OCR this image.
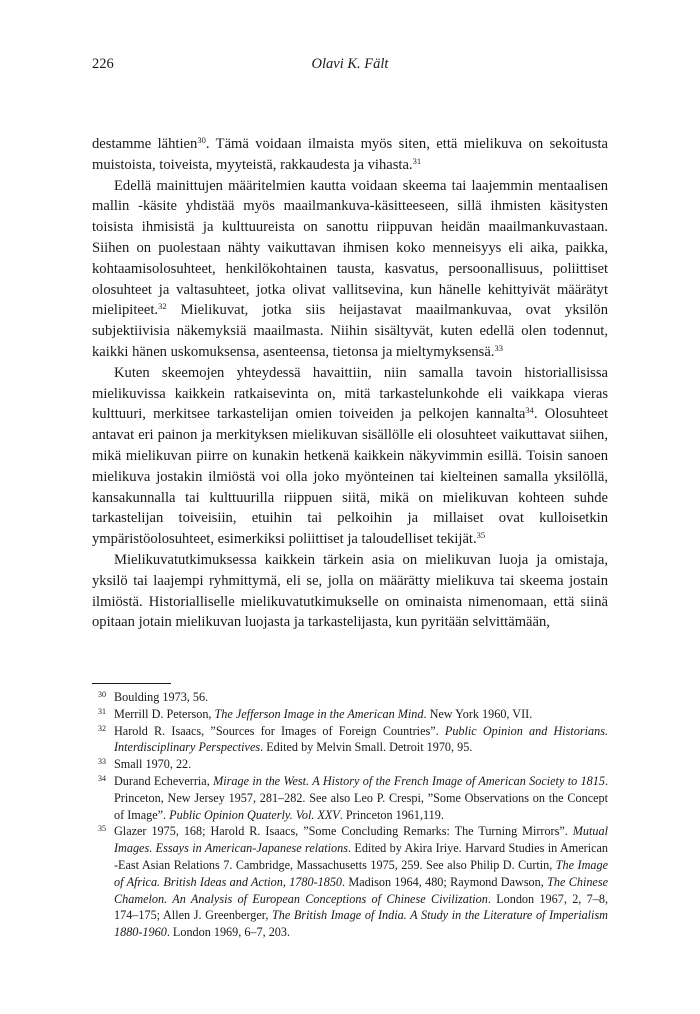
226	Olavi K. Fält

destamme lähtien$^{30}$. Tämä voidaan ilmaista myös siten, että mielikuva on sekoitusta muistoista, toiveista, myyteistä, rakkaudesta ja vihasta.$^{31}$

Edellä mainittujen määritelmien kautta voidaan skeema tai laajemmin mentaalisen mallin -käsite yhdistää myös maailmankuva-käsitteeseen, sillä ihmisten käsitysten toisista ihmisistä ja kulttuureista on sanottu riippuvan heidän maailmankuvastaan. Siihen on puolestaan nähty vaikuttavan ihmisen koko menneisyys eli aika, paikka, kohtaamisolosuhteet, henkilökohtainen tausta, kasvatus, persoonallisuus, poliittiset olosuhteet ja valtasuhteet, jotka olivat vallitsevina, kun hänelle kehittyivät määrätyt mielipiteet.$^{32}$ Mielikuvat, jotka siis heijastavat maailmankuvaa, ovat yksilön subjektiivisia näkemyksiä maailmasta. Niihin sisältyvät, kuten edellä olen todennut, kaikki hänen uskomuksensa, asenteensa, tietonsa ja mieltymyksensä.$^{33}$

Kuten skeemojen yhteydessä havaittiin, niin samalla tavoin historiallisissa mielikuvissa kaikkein ratkaisevinta on, mitä tarkastelunkohde eli vaikkapa vieras kulttuuri, merkitsee tarkastelijan omien toiveiden ja pelkojen kannalta$^{34}$. Olosuhteet antavat eri painon ja merkityksen mielikuvan sisällölle eli olosuhteet vaikuttavat siihen, mikä mielikuvan piirre on kunakin hetkenä kaikkein näkyvimmin esillä. Toisin sanoen mielikuva jostakin ilmiöstä voi olla joko myönteinen tai kielteinen samalla yksilöllä, kansakunnalla tai kulttuurilla riippuen siitä, mikä on mielikuvan kohteen suhde tarkastelijan toiveisiin, etuihin tai pelkoihin ja millaiset ovat kulloisetkin ympäristöolosuhteet, esimerkiksi poliittiset ja taloudelliset tekijät.$^{35}$

Mielikuvatutkimuksessa kaikkein tärkein asia on mielikuvan luoja ja omistaja, yksilö tai laajempi ryhmittymä, eli se, jolla on määrätty mielikuva tai skeema jostain ilmiöstä. Historialliselle mielikuvatutkimukselle on ominaista nimenomaan, että siinä opitaan jotain mielikuvan luojasta ja tarkastelijasta, kun pyritään selvittämään,

30 Boulding 1973, 56.

31 Merrill D. Peterson, The Jefferson Image in the American Mind. New York 1960, VII.

32 Harold R. Isaacs, ”Sources for Images of Foreign Countries”. Public Opinion and Historians. Interdisciplinary Perspectives. Edited by Melvin Small. Detroit 1970, 95.

33 Small 1970, 22.

34 Durand Echeverria, Mirage in the West. A History of the French Image of American Society to 1815. Princeton, New Jersey 1957, 281–282. See also Leo P. Crespi, ”Some Observations on the Concept of Image”. Public Opinion Quaterly. Vol. XXV. Princeton 1961,119.

35 Glazer 1975, 168; Harold R. Isaacs, ”Some Concluding Remarks: The Turning Mirrors”. Mutual Images. Essays in American-Japanese relations. Edited by Akira Iriye. Harvard Studies in American -East Asian Relations 7. Cambridge, Massachusetts 1975, 259. See also Philip D. Curtin, The Image of Africa. British Ideas and Action, 1780-1850. Madison 1964, 480; Raymond Dawson, The Chinese Chamelon. An Analysis of European Conceptions of Chinese Civilization. London 1967, 2, 7–8, 174–175; Allen J. Greenberger, The British Image of India. A Study in the Literature of Imperialism 1880-1960. London 1969, 6–7, 203.
